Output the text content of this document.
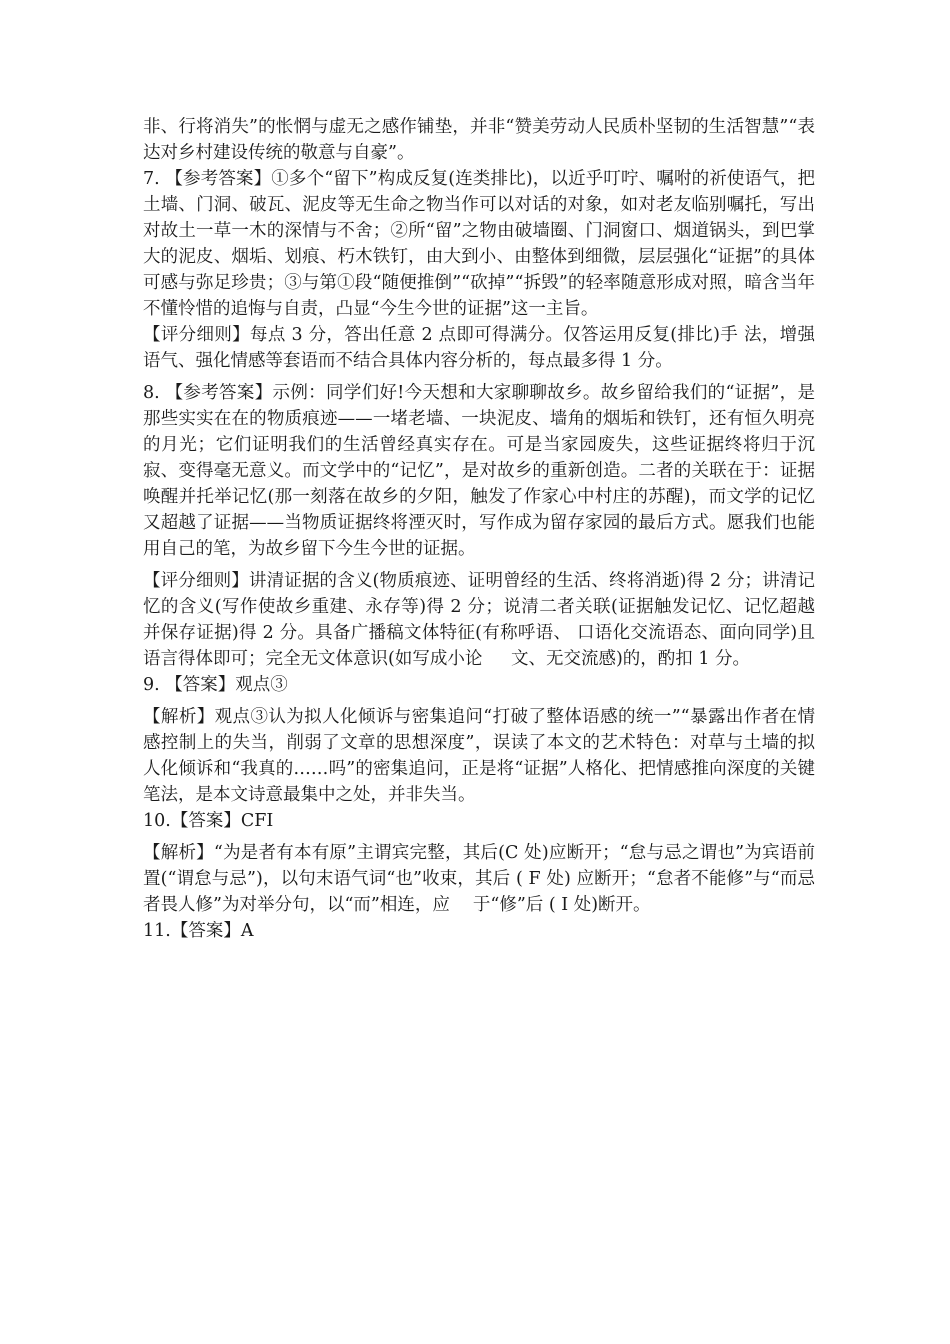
非、行将消失”的怅惘与虚无之感作铺垫，并非“赞美劳动人民质朴坚韧的生活智慧”“表达对乡村建设传统的敬意与自豪”。

7. 【参考答案】①多个“留下”构成反复(连类排比)，以近乎叮咛、嘱咐的祈使语气，把土墙、门洞、破瓦、泥皮等无生命之物当作可以对话的对象，如对老友临别嘱托，写出对故土一草一木的深情与不舍；②所“留”之物由破墙圈、门洞窗口、烟道锅头，到巴掌大的泥皮、烟垢、划痕、朽木铁钉，由大到小、由整体到细微，层层强化“证据”的具体可感与弥足珍贵；③与第①段“随便推倒”“砍掉”“拆毁”的轻率随意形成对照，暗含当年不懂怜惜的追悔与自责，凸显“今生今世的证据”这一主旨。

【评分细则】每点 3 分，答出任意 2 点即可得满分。仅答运用反复(排比)手 法，增强语气、强化情感等套语而不结合具体内容分析的，每点最多得 1 分。

8. 【参考答案】示例：同学们好!今天想和大家聊聊故乡。故乡留给我们的“证据”，是那些实实在在的物质痕迹——一堵老墙、一块泥皮、墙角的烟垢和铁钉，还有恒久明亮的月光；它们证明我们的生活曾经真实存在。可是当家园废失，这些证据终将归于沉寂、变得毫无意义。而文学中的“记忆”，是对故乡的重新创造。二者的关联在于：证据唤醒并托举记忆(那一刻落在故乡的夕阳，触发了作家心中村庄的苏醒)，而文学的记忆又超越了证据——当物质证据终将湮灭时，写作成为留存家园的最后方式。愿我们也能用自己的笔，为故乡留下今生今世的证据。

【评分细则】讲清证据的含义(物质痕迹、证明曾经的生活、终将消逝)得 2 分；讲清记忆的含义(写作使故乡重建、永存等)得 2 分；说清二者关联(证据触发记忆、记忆超越并保存证据)得 2 分。具备广播稿文体特征(有称呼语、 口语化交流语态、面向同学)且语言得体即可；完全无文体意识(如写成小论 　 文、无交流感)的，酌扣 1 分。

9. 【答案】观点③

【解析】观点③认为拟人化倾诉与密集追问“打破了整体语感的统一”“暴露出作者在情感控制上的失当，削弱了文章的思想深度”，误读了本文的艺术特色：对草与土墙的拟人化倾诉和“我真的……吗”的密集追问，正是将“证据”人格化、把情感推向深度的关键笔法，是本文诗意最集中之处，并非失当。

10.【答案】CFI

【解析】“为是者有本有原”主谓宾完整，其后(C 处)应断开；“怠与忌之谓也”为宾语前置(“谓怠与忌”)，以句末语气词“也”收束，其后 ( F 处) 应断开；“怠者不能修”与“而忌者畏人修”为对举分句，以“而”相连，应 　于“修”后 ( I 处)断开。

11.【答案】A
